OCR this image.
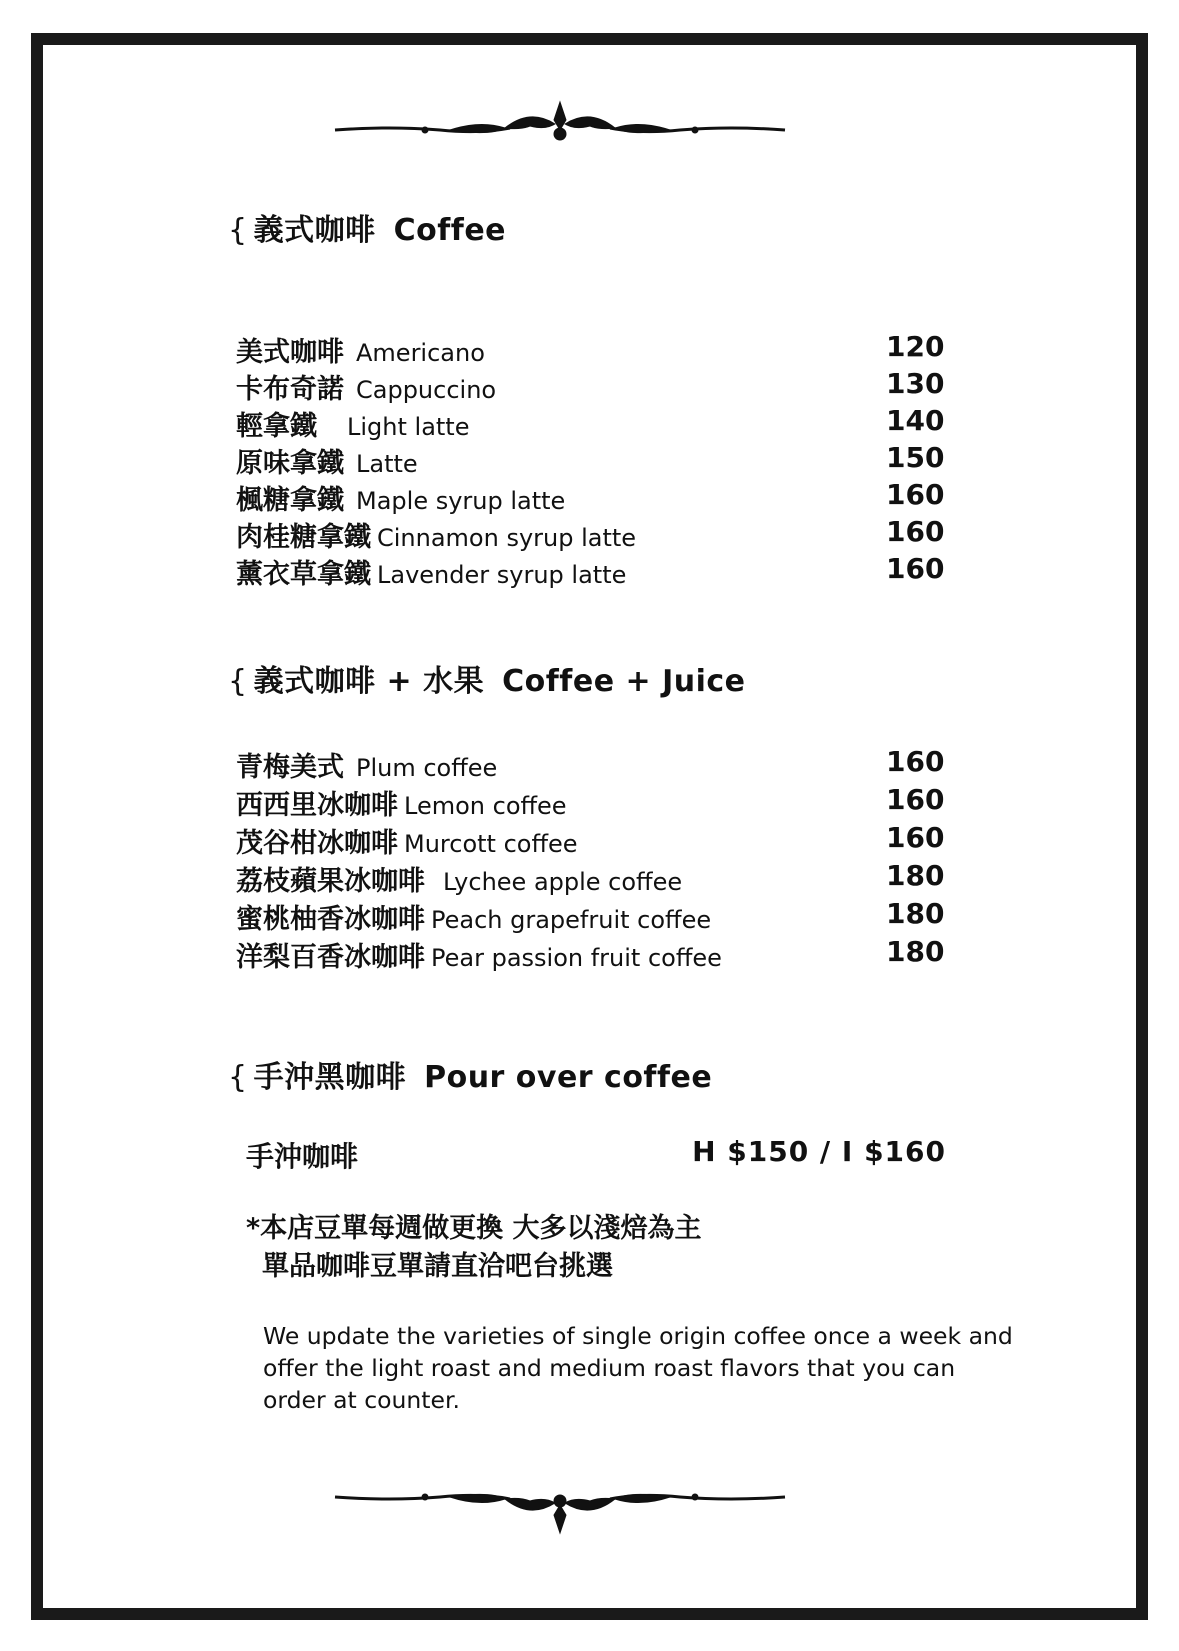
{ 義式咖啡 Coffee
美式咖啡 Americano	120
卡布奇諾 Cappuccino	130
輕拿鐵 Light latte	140
原味拿鐵 Latte	150
楓糖拿鐵 Maple syrup latte	160
肉桂糖拿鐵 Cinnamon syrup latte	160
薰衣草拿鐵 Lavender syrup latte	160
{ 義式咖啡 + 水果 Coffee + Juice
青梅美式 Plum coffee	160
西西里冰咖啡 Lemon coffee	160
茂谷柑冰咖啡 Murcott coffee	160
荔枝蘋果冰咖啡 Lychee apple coffee	180
蜜桃柚香冰咖啡 Peach grapefruit coffee	180
洋梨百香冰咖啡 Pear passion fruit coffee	180
{ 手沖黑咖啡 Pour over coffee
手沖咖啡	H $150 / I $160
*本店豆單每週做更換 大多以淺焙為主
單品咖啡豆單請直洽吧台挑選
We update the varieties of single origin coffee once a week and offer the light roast and medium roast flavors that you can order at counter.
